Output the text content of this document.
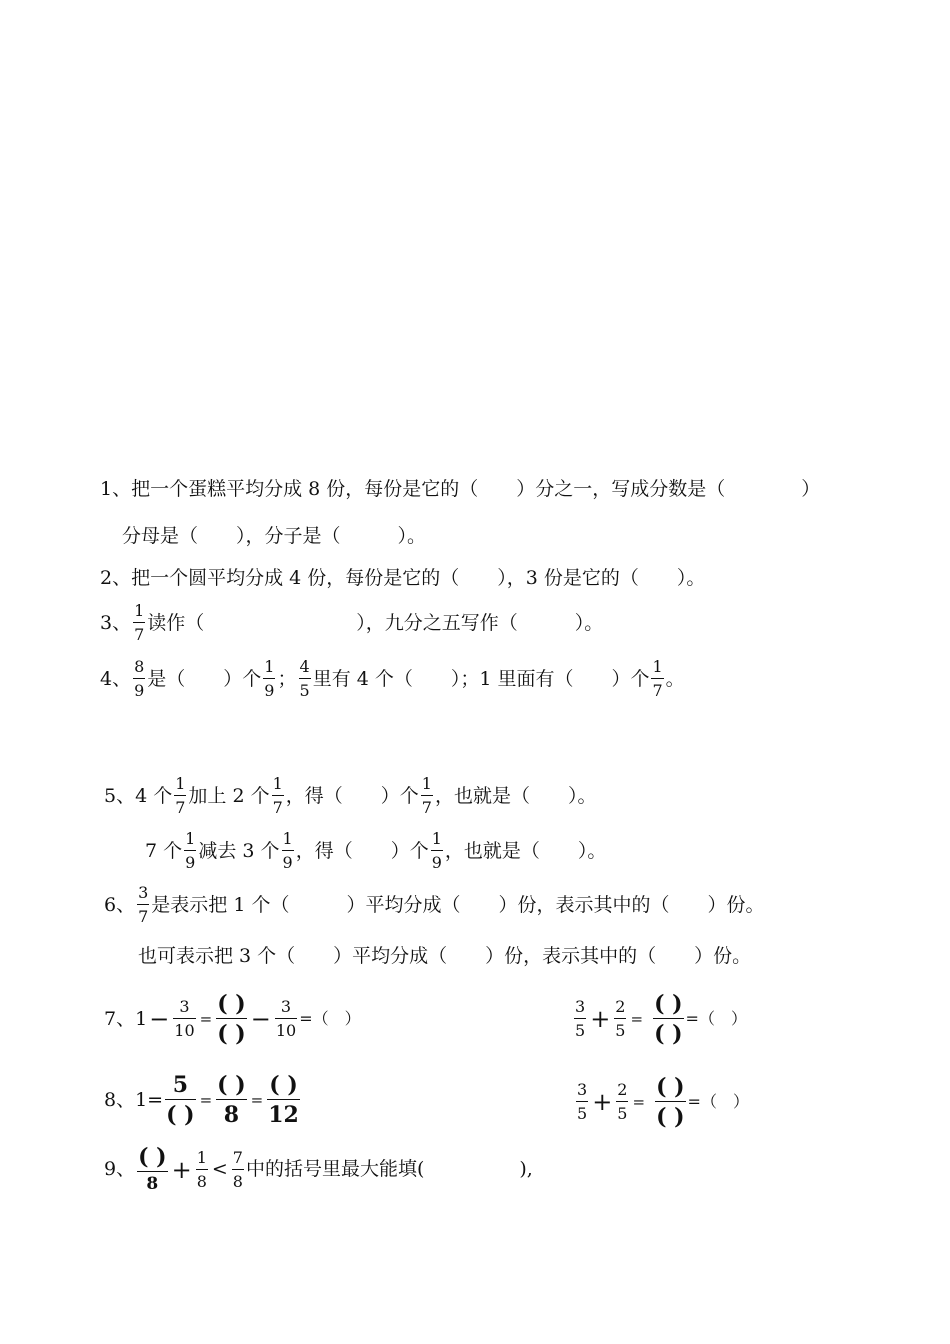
1、把一个蛋糕平均分成 8 份，每份是它的（　　）分之一，写成分数是（　　　　）
分母是（　　），分子是（　　　）。
2、把一个圆平均分成 4 份，每份是它的（　　），3 份是它的（　　）。
3、 $\frac{1}{7}$ 读作（　　　　　　　　），九分之五写作（　　　）。
4、 $\frac{8}{9}$ 是（　　）个 $\frac{1}{9}$ ； $\frac{4}{5}$ 里有 4 个（　　）；1 里面有（　　）个 $\frac{1}{7}$ 。
5、4 个 $\frac{1}{7}$ 加上 2 个 $\frac{1}{7}$ ，得（　　）个 $\frac{1}{7}$ ，也就是（　　）。
7 个 $\frac{1}{9}$ 减去 3 个 $\frac{1}{9}$ ，得（　　）个 $\frac{1}{9}$ ，也就是（　　）。
6、 $\frac{3}{7}$ 是表示把 1 个（　　　）平均分成（　　）份，表示其中的（　　）份。
也可表示把 3 个（　　）平均分成（　　）份，表示其中的（　　）份。
7、$1 - \frac{3}{10} = \frac{( )}{( )} - \frac{3}{10}$ =（　）	$\frac{3}{5} + \frac{2}{5} = \frac{( )}{( )}$ =（　）
8、$1= \frac{5}{( )} = \frac{( )}{8} = \frac{( )}{12}$	$\frac{3}{5} + \frac{2}{5} = \frac{( )}{( )}$ =（　）
9、 $\frac{( )}{8} + \frac{1}{8} < \frac{7}{8}$ 中的括号里最大能填(　　　　　),
